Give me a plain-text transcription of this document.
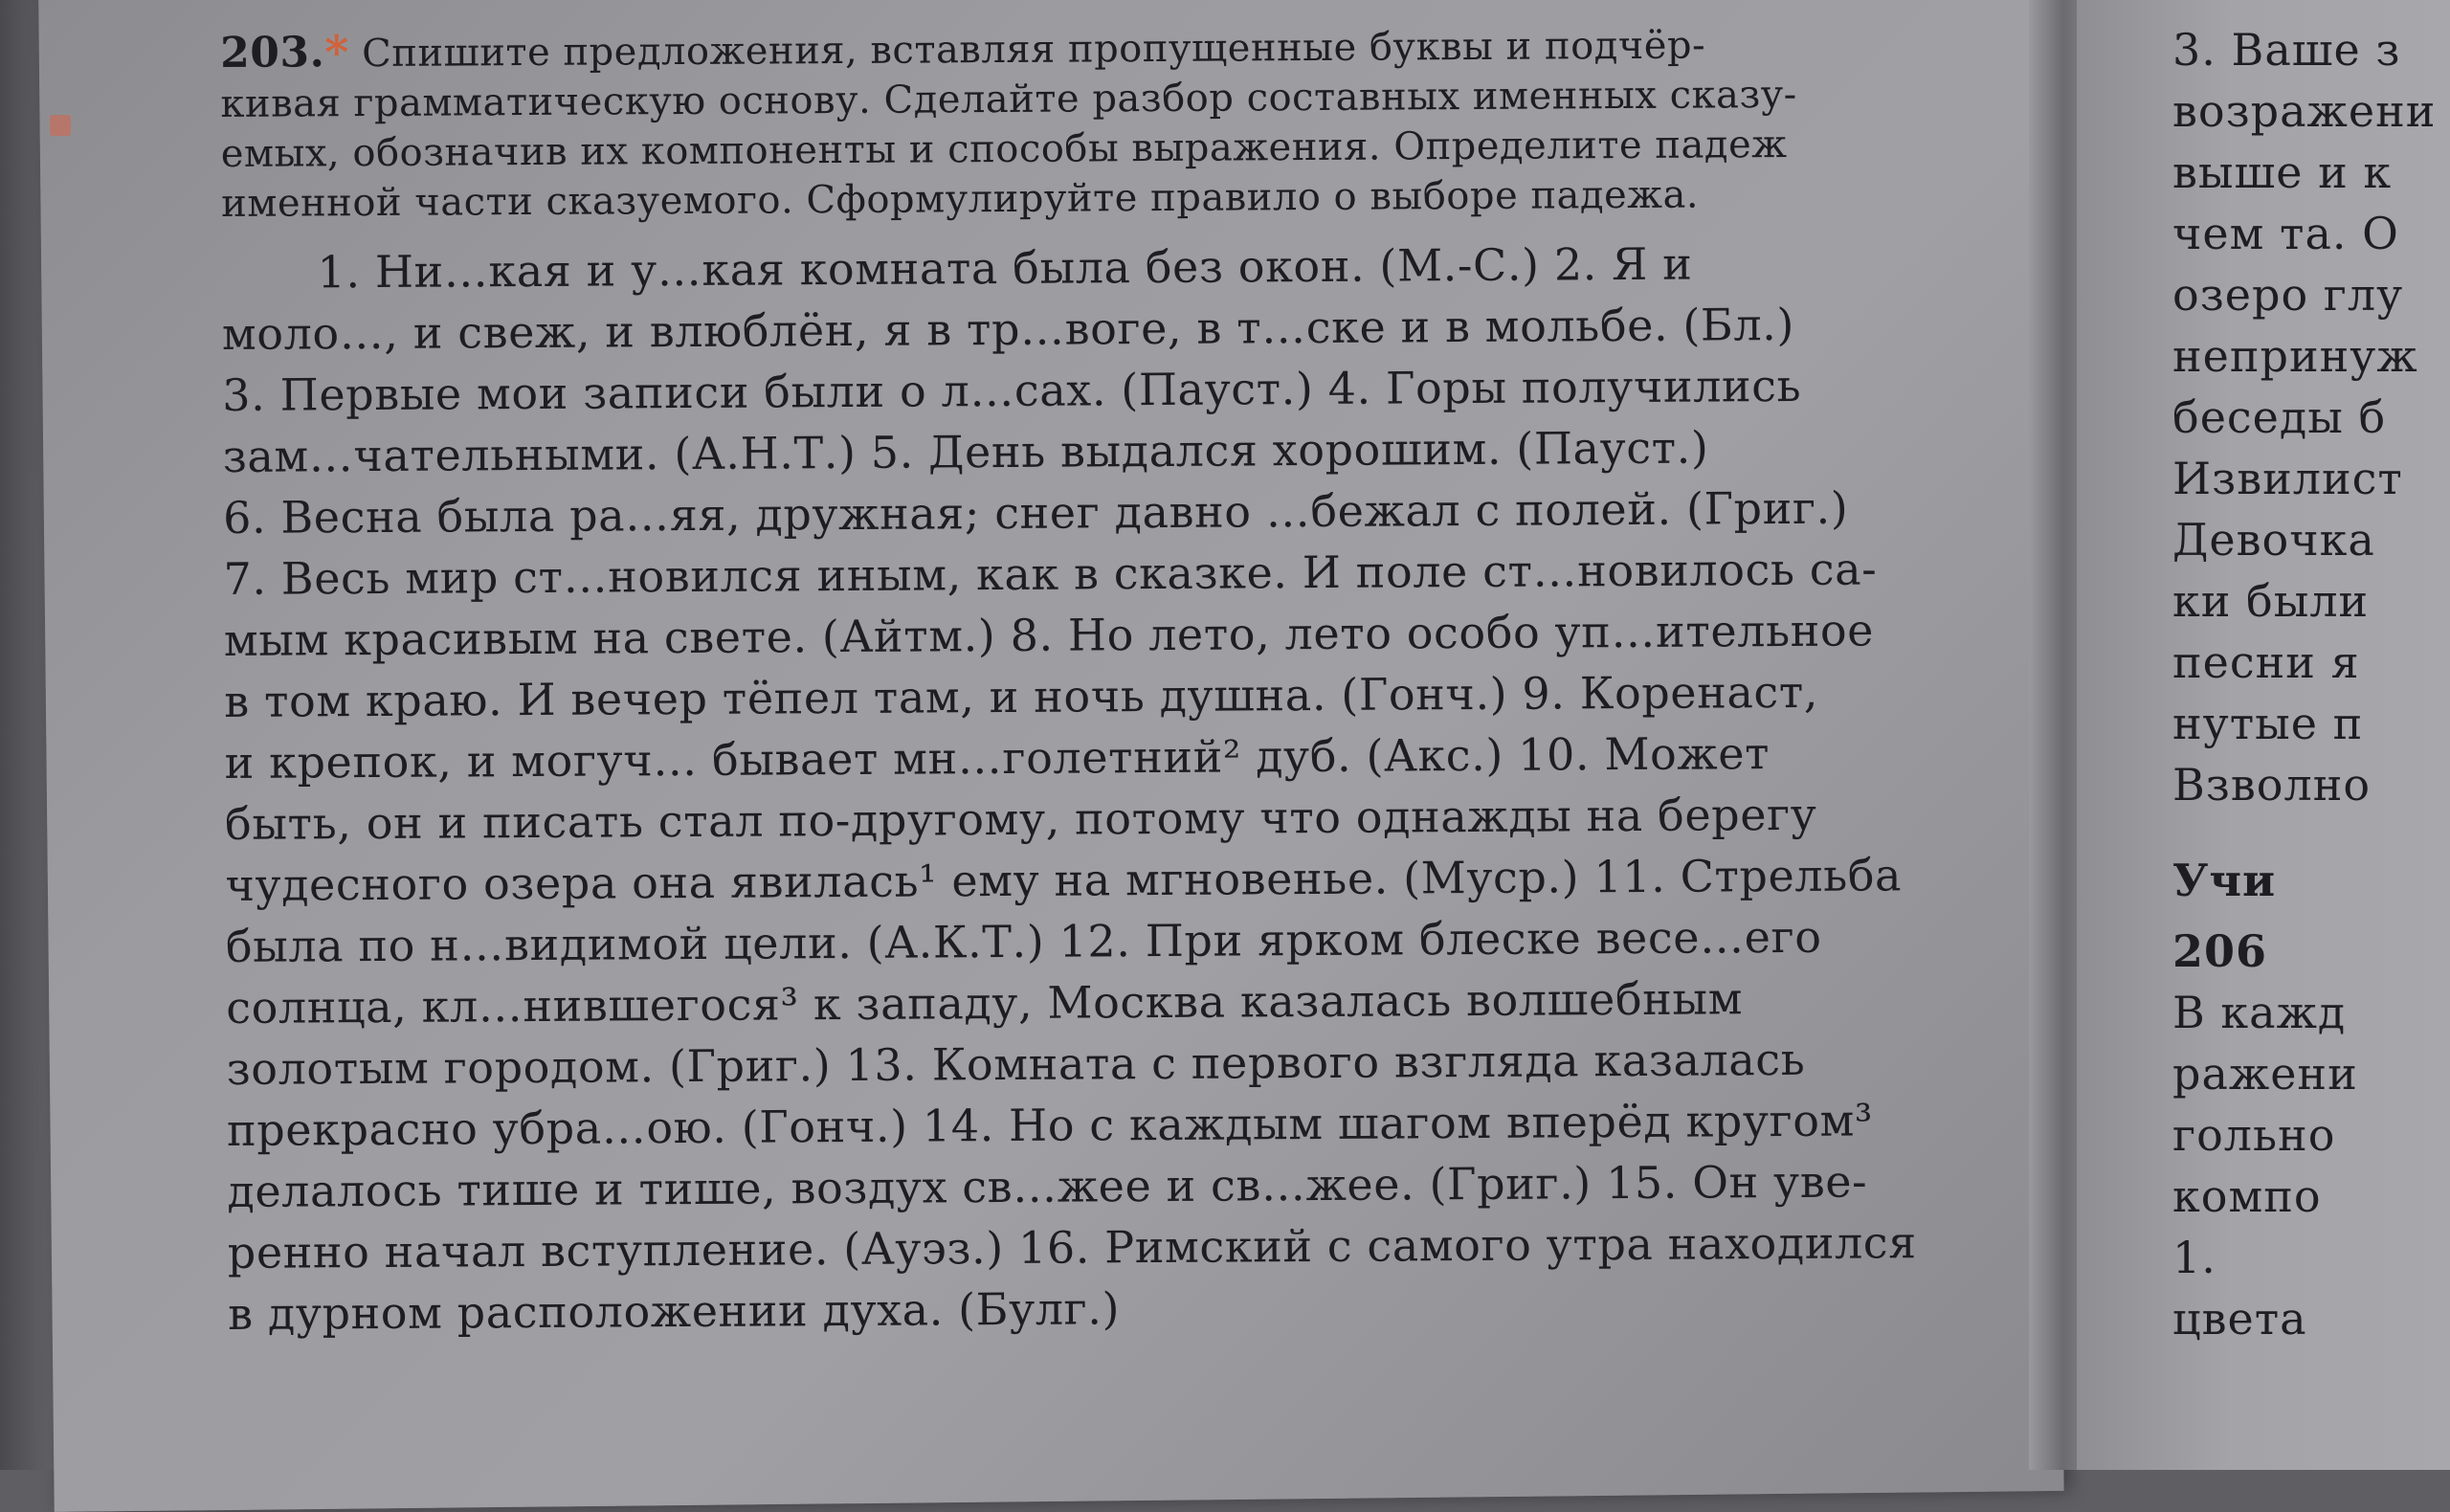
203.* Спишите предложения, вставляя пропущенные буквы и подчёр-
кивая грамматическую основу. Сделайте разбор составных именных сказу-
емых, обозначив их компоненты и способы выражения. Определите падеж
именной части сказуемого. Сформулируйте правило о выборе падежа.
1. Ни…кая и у…кая комната была без окон. (М.-С.) 2. Я и
моло…, и свеж, и влюблён, я в тр…воге, в т…ске и в мольбе. (Бл.)
3. Первые мои записи были о л…сах. (Пауст.) 4. Горы получились
зам…чательными. (А.Н.Т.) 5. День выдался хорошим. (Пауст.)
6. Весна была ра…яя, дружная; снег давно …бежал с полей. (Григ.)
7. Весь мир ст…новился иным, как в сказке. И поле ст…новилось са-
мым красивым на свете. (Айтм.) 8. Но лето, лето особо уп…ительное
в том краю. И вечер тёпел там, и ночь душна. (Гонч.) 9. Коренаст,
и крепок, и могуч… бывает мн…голетний² дуб. (Акс.) 10. Может
быть, он и писать стал по-другому, потому что однажды на берегу
чудесного озера она явилась¹ ему на мгновенье. (Муср.) 11. Стрельба
была по н…видимой цели. (А.К.Т.) 12. При ярком блеске весе…его
солнца, кл…нившегося³ к западу, Москва казалась волшебным
золотым городом. (Григ.) 13. Комната с первого взгляда казалась
прекрасно убра…ою. (Гонч.) 14. Но с каждым шагом вперёд кругом³
делалось тише и тише, воздух св…жее и св…жее. (Григ.) 15. Он уве-
ренно начал вступление. (Ауэз.) 16. Римский с самого утра находился
в дурном расположении духа. (Булг.)
3. Ваше з
возражени
выше и к
чем та. О
озеро глу
непринуж
беседы б
Извилист
Девочка
ки были
песни я
нутые п
Взволно
Учи
206
В кажд
ражени
гольно
компо
1.
цвета
